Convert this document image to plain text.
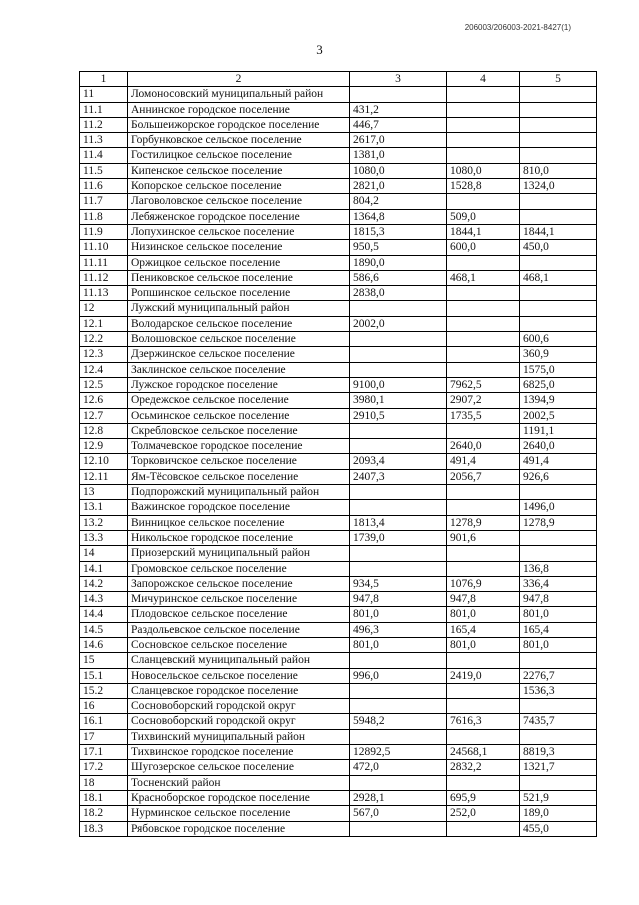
206003/206003-2021-8427(1)
3
1	2	3	4	5
11	Ломоносовский муниципальный район			
11.1	Аннинское городское поселение	431,2		
11.2	Большеижорское городское поселение	446,7		
11.3	Горбунковское сельское поселение	2617,0		
11.4	Гостилицкое сельское поселение	1381,0		
11.5	Кипенское сельское поселение	1080,0	1080,0	810,0
11.6	Копорское сельское поселение	2821,0	1528,8	1324,0
11.7	Лаговоловское сельское поселение	804,2		
11.8	Лебяженское городское поселение	1364,8	509,0	
11.9	Лопухинское сельское поселение	1815,3	1844,1	1844,1
11.10	Низинское сельское поселение	950,5	600,0	450,0
11.11	Оржицкое сельское поселение	1890,0		
11.12	Пениковское сельское поселение	586,6	468,1	468,1
11.13	Ропшинское сельское поселение	2838,0		
12	Лужский муниципальный район			
12.1	Володарское сельское поселение	2002,0		
12.2	Волошовское сельское поселение			600,6
12.3	Дзержинское сельское поселение			360,9
12.4	Заклинское сельское поселение			1575,0
12.5	Лужское городское поселение	9100,0	7962,5	6825,0
12.6	Оредежское сельское поселение	3980,1	2907,2	1394,9
12.7	Осьминское сельское поселение	2910,5	1735,5	2002,5
12.8	Скребловское сельское поселение			1191,1
12.9	Толмачевское городское поселение		2640,0	2640,0
12.10	Торковичское сельское поселение	2093,4	491,4	491,4
12.11	Ям-Тёсовское сельское поселение	2407,3	2056,7	926,6
13	Подпорожский муниципальный район			
13.1	Важинское городское поселение			1496,0
13.2	Винницкое сельское поселение	1813,4	1278,9	1278,9
13.3	Никольское городское поселение	1739,0	901,6	
14	Приозерский муниципальный район			
14.1	Громовское сельское поселение			136,8
14.2	Запорожское сельское поселение	934,5	1076,9	336,4
14.3	Мичуринское сельское поселение	947,8	947,8	947,8
14.4	Плодовское сельское поселение	801,0	801,0	801,0
14.5	Раздольевское сельское поселение	496,3	165,4	165,4
14.6	Сосновское сельское поселение	801,0	801,0	801,0
15	Сланцевский муниципальный район			
15.1	Новосельское сельское поселение	996,0	2419,0	2276,7
15.2	Сланцевское городское поселение			1536,3
16	Сосновоборский городской округ			
16.1	Сосновоборский городской округ	5948,2	7616,3	7435,7
17	Тихвинский муниципальный район			
17.1	Тихвинское городское поселение	12892,5	24568,1	8819,3
17.2	Шугозерское сельское поселение	472,0	2832,2	1321,7
18	Тосненский район			
18.1	Красноборское городское поселение	2928,1	695,9	521,9
18.2	Нурминское сельское поселение	567,0	252,0	189,0
18.3	Рябовское городское поселение			455,0
